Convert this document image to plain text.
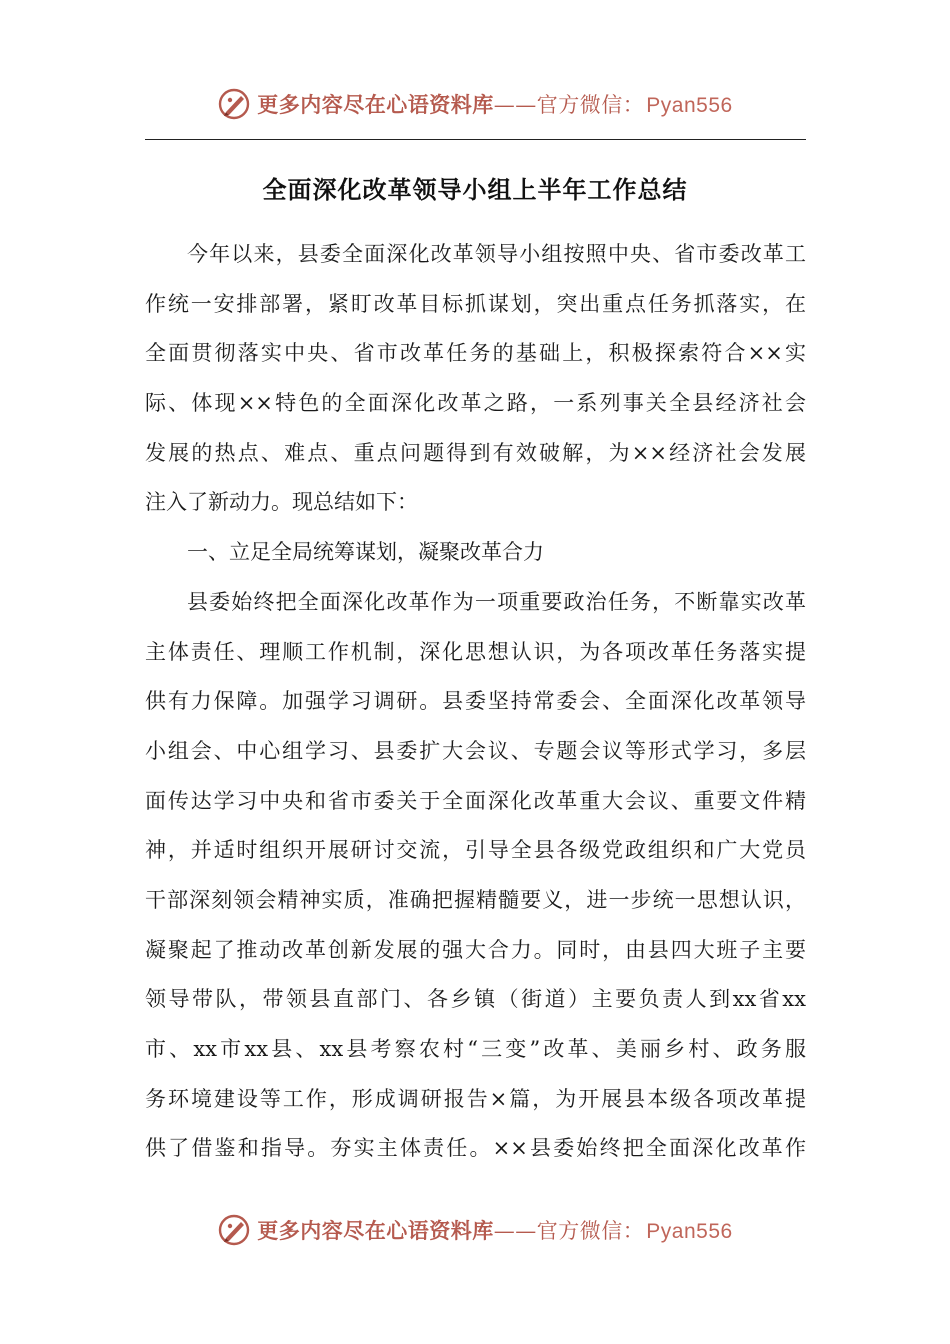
更多内容尽在心语资料库——官方微信：Pyan556
全面深化改革领导小组上半年工作总结
今年以来，县委全面深化改革领导小组按照中央、省市委改革工
作统一安排部署，紧盯改革目标抓谋划，突出重点任务抓落实，在
全面贯彻落实中央、省市改革任务的基础上，积极探索符合××实
际、体现××特色的全面深化改革之路，一系列事关全县经济社会
发展的热点、难点、重点问题得到有效破解，为××经济社会发展
注入了新动力。现总结如下：
一、立足全局统筹谋划，凝聚改革合力
县委始终把全面深化改革作为一项重要政治任务，不断靠实改革
主体责任、理顺工作机制，深化思想认识，为各项改革任务落实提
供有力保障。加强学习调研。县委坚持常委会、全面深化改革领导
小组会、中心组学习、县委扩大会议、专题会议等形式学习，多层
面传达学习中央和省市委关于全面深化改革重大会议、重要文件精
神，并适时组织开展研讨交流，引导全县各级党政组织和广大党员
干部深刻领会精神实质，准确把握精髓要义，进一步统一思想认识，
凝聚起了推动改革创新发展的强大合力。同时，由县四大班子主要
领导带队，带领县直部门、各乡镇（街道）主要负责人到xx省xx
市、xx市xx县、xx县考察农村“三变”改革、美丽乡村、政务服
务环境建设等工作，形成调研报告×篇，为开展县本级各项改革提
供了借鉴和指导。夯实主体责任。××县委始终把全面深化改革作
更多内容尽在心语资料库——官方微信：Pyan556
